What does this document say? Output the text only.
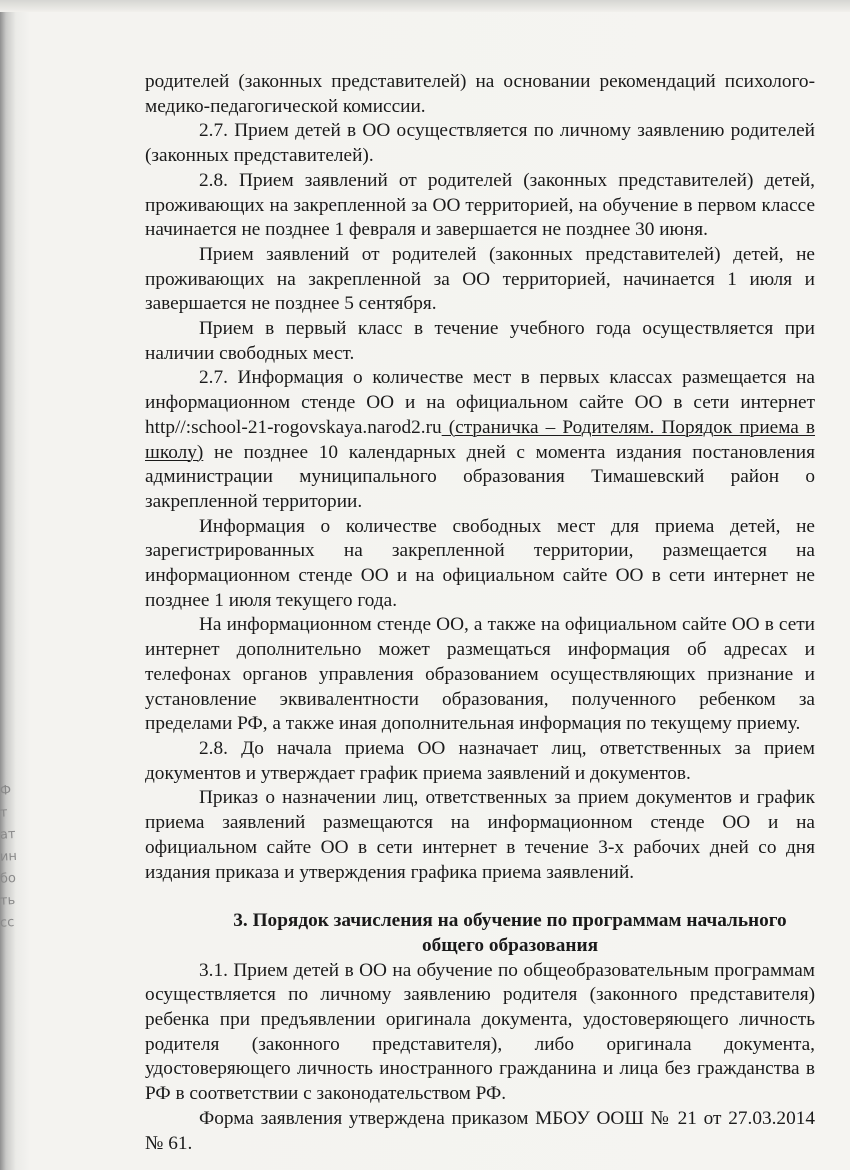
Ф
т
ат
ин
бо
ть
сс

родителей (законных представителей) на основании рекомендаций психолого-медико-педагогической комиссии.

2.7. Прием детей в ОО осуществляется по личному заявлению родителей (законных представителей).

2.8. Прием заявлений от родителей (законных представителей) детей, проживающих на закрепленной за ОО территорией, на обучение в первом классе начинается не позднее 1 февраля и завершается не позднее 30 июня.

Прием заявлений от родителей (законных представителей) детей, не проживающих на закрепленной за ОО территорией, начинается 1 июля и завершается не позднее 5 сентября.

Прием в первый класс в течение учебного года осуществляется при наличии свободных мест.

2.7. Информация о количестве мест в первых классах размещается на информационном стенде ОО и на официальном сайте ОО в сети интернет http//:school-21-rogovskaya.narod2.ru (страничка – Родителям. Порядок приема в школу) не позднее 10 календарных дней с момента издания постановления администрации муниципального образования Тимашевский район о закрепленной территории.

Информация о количестве свободных мест для приема детей, не зарегистрированных на закрепленной территории, размещается на информационном стенде ОО и на официальном сайте ОО в сети интернет не позднее 1 июля текущего года.

На информационном стенде ОО, а также на официальном сайте ОО в сети интернет дополнительно может размещаться информация об адресах и телефонах органов управления образованием осуществляющих признание и установление эквивалентности образования, полученного ребенком за пределами РФ, а также иная дополнительная информация по текущему приему.

2.8. До начала приема ОО назначает лиц, ответственных за прием документов и утверждает график приема заявлений и документов.

Приказ о назначении лиц, ответственных за прием документов и график приема заявлений размещаются на информационном стенде ОО и на официальном сайте ОО в сети интернет в течение 3-х рабочих дней со дня издания приказа и утверждения графика приема заявлений.

3. Порядок зачисления на обучение по программам начального общего образования

3.1. Прием детей в ОО на обучение по общеобразовательным программам осуществляется по личному заявлению родителя (законного представителя) ребенка при предъявлении оригинала документа, удостоверяющего личность родителя (законного представителя), либо оригинала документа, удостоверяющего личность иностранного гражданина и лица без гражданства в РФ в соответствии с законодательством РФ.

Форма заявления утверждена приказом МБОУ ООШ № 21 от 27.03.2014 № 61.
